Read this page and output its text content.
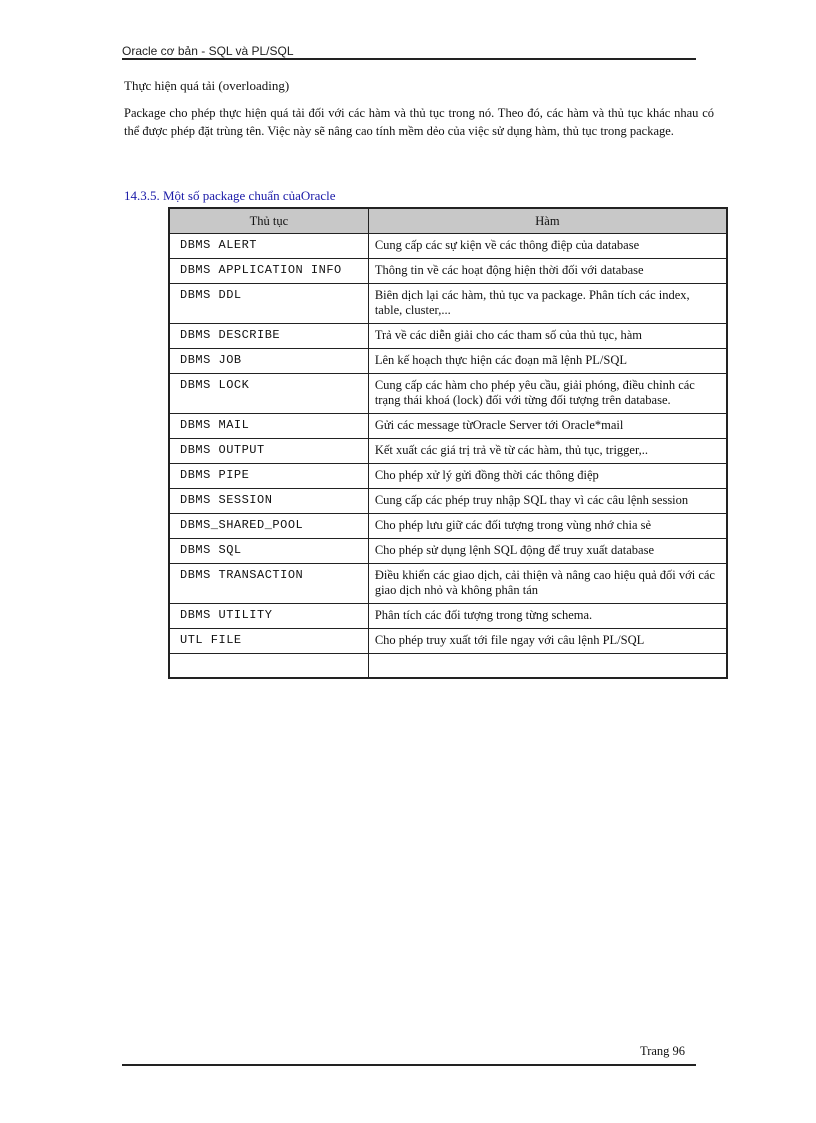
Oracle cơ bản - SQL và PL/SQL
Thực hiện quá tải (overloading)
Package cho phép thực hiện quá tải đối với các hàm và thủ tục trong nó. Theo đó, các hàm và thủ tục khác nhau có thể được phép đặt trùng tên. Việc này sẽ nâng cao tính mềm dẻo của việc sử dụng hàm, thủ tục trong package.
14.3.5. Một số package chuẩn củaOracle
Thủ tục	Hàm
DBMS ALERT	Cung cấp các sự kiện về các thông điệp của database
DBMS APPLICATION INFO	Thông tin về các hoạt động hiện thời đối với database
DBMS DDL	Biên dịch lại các hàm, thủ tục va package. Phân tích các index, table, cluster,...
DBMS DESCRIBE	Trả về các diễn giải cho các tham số của thủ tục, hàm
DBMS JOB	Lên kế hoạch thực hiện các đoạn mã lệnh PL/SQL
DBMS LOCK	Cung cấp các hàm cho phép yêu cầu, giải phóng, điều chỉnh các trạng thái khoá (lock) đối với từng đối tượng trên database.
DBMS MAIL	Gửi các message từOracle Server tới Oracle*mail
DBMS OUTPUT	Kết xuất các giá trị trả về từ các hàm, thủ tục, trigger,..
DBMS PIPE	Cho phép xử lý gửi đồng thời các thông điệp
DBMS SESSION	Cung cấp các phép truy nhập SQL thay vì các câu lệnh session
DBMS_SHARED_POOL	Cho phép lưu giữ các đối tượng trong vùng nhớ chia sẻ
DBMS SQL	Cho phép sử dụng lệnh SQL động để truy xuất database
DBMS TRANSACTION	Điều khiển các giao dịch, cải thiện và nâng cao hiệu quả đối với các giao dịch nhỏ và không phân tán
DBMS UTILITY	Phân tích các đối tượng trong từng schema.
UTL FILE	Cho phép truy xuất tới file ngay với câu lệnh PL/SQL

Trang 96
